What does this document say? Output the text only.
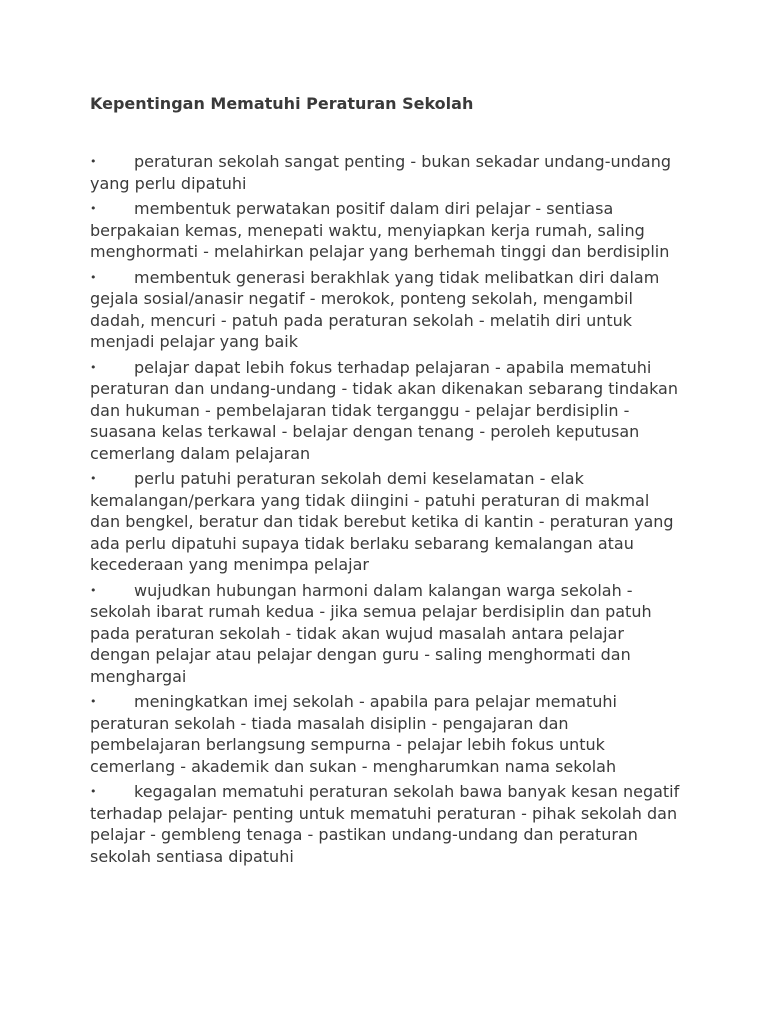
Kepentingan Mematuhi Peraturan Sekolah
• peraturan sekolah sangat penting - bukan sekadar undang-undang yang perlu dipatuhi
• membentuk perwatakan positif dalam diri pelajar - sentiasa berpakaian kemas, menepati waktu, menyiapkan kerja rumah, saling menghormati - melahirkan pelajar yang berhemah tinggi dan berdisiplin
• membentuk generasi berakhlak yang tidak melibatkan diri dalam gejala sosial/anasir negatif - merokok, ponteng sekolah, mengambil dadah, mencuri - patuh pada peraturan sekolah - melatih diri untuk menjadi pelajar yang baik
• pelajar dapat lebih fokus terhadap pelajaran - apabila mematuhi peraturan dan undang-undang - tidak akan dikenakan sebarang tindakan dan hukuman - pembelajaran tidak terganggu - pelajar berdisiplin - suasana kelas terkawal - belajar dengan tenang - peroleh keputusan cemerlang dalam pelajaran
• perlu patuhi peraturan sekolah demi keselamatan - elak kemalangan/perkara yang tidak diingini - patuhi peraturan di makmal dan bengkel, beratur dan tidak berebut ketika di kantin - peraturan yang ada perlu dipatuhi supaya tidak berlaku sebarang kemalangan atau kecederaan yang menimpa pelajar
• wujudkan hubungan harmoni dalam kalangan warga sekolah - sekolah ibarat rumah kedua - jika semua pelajar berdisiplin dan patuh pada peraturan sekolah - tidak akan wujud masalah antara pelajar dengan pelajar atau pelajar dengan guru - saling menghormati dan menghargai
• meningkatkan imej sekolah - apabila para pelajar mematuhi peraturan sekolah - tiada masalah disiplin - pengajaran dan pembelajaran berlangsung sempurna - pelajar lebih fokus untuk cemerlang - akademik dan sukan - mengharumkan nama sekolah
• kegagalan mematuhi peraturan sekolah bawa banyak kesan negatif terhadap pelajar- penting untuk mematuhi peraturan - pihak sekolah dan pelajar - gembleng tenaga - pastikan undang-undang dan peraturan sekolah sentiasa dipatuhi
